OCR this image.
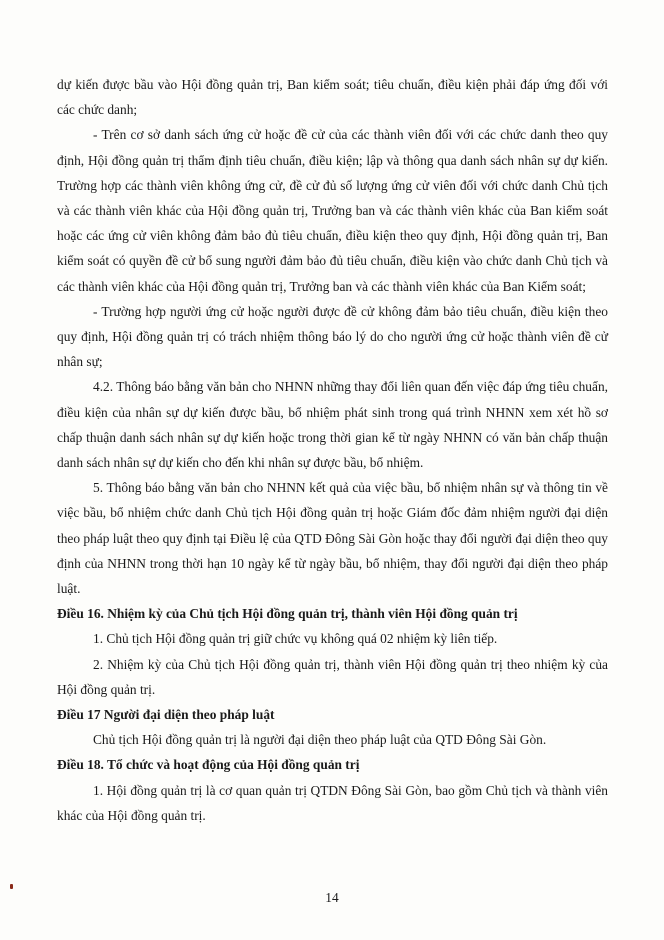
dự kiến được bầu vào Hội đồng quản trị, Ban kiểm soát; tiêu chuẩn, điều kiện phải đáp ứng đối với các chức danh;

- Trên cơ sở danh sách ứng cử hoặc đề cử của các thành viên đối với các chức danh theo quy định, Hội đồng quản trị thẩm định tiêu chuẩn, điều kiện; lập và thông qua danh sách nhân sự dự kiến. Trường hợp các thành viên không ứng cử, đề cử đủ số lượng ứng cử viên đối với chức danh Chủ tịch và các thành viên khác của Hội đồng quản trị, Trưởng ban và các thành viên khác của Ban kiểm soát hoặc các ứng cử viên không đảm bảo đủ tiêu chuẩn, điều kiện theo quy định, Hội đồng quản trị, Ban kiểm soát có quyền đề cử bổ sung người đảm bảo đủ tiêu chuẩn, điều kiện vào chức danh Chủ tịch và các thành viên khác của Hội đồng quản trị, Trưởng ban và các thành viên khác của Ban Kiểm soát;

- Trường hợp người ứng cử hoặc người được đề cử không đảm bảo tiêu chuẩn, điều kiện theo quy định, Hội đồng quản trị có trách nhiệm thông báo lý do cho người ứng cử hoặc thành viên đề cử nhân sự;

4.2. Thông báo bằng văn bản cho NHNN những thay đổi liên quan đến việc đáp ứng tiêu chuẩn, điều kiện của nhân sự dự kiến được bầu, bổ nhiệm phát sinh trong quá trình NHNN xem xét hồ sơ chấp thuận danh sách nhân sự dự kiến hoặc trong thời gian kể từ ngày NHNN có văn bản chấp thuận danh sách nhân sự dự kiến cho đến khi nhân sự được bầu, bổ nhiệm.

5. Thông báo bằng văn bản cho NHNN kết quả của việc bầu, bổ nhiệm nhân sự và thông tin về việc bầu, bổ nhiệm chức danh Chủ tịch Hội đồng quản trị hoặc Giám đốc đảm nhiệm người đại diện theo pháp luật theo quy định tại Điều lệ của QTD Đông Sài Gòn hoặc thay đổi người đại diện theo quy định của NHNN trong thời hạn 10 ngày kể từ ngày bầu, bổ nhiệm, thay đổi người đại diện theo pháp luật.

Điều 16. Nhiệm kỳ của Chủ tịch Hội đồng quản trị, thành viên Hội đồng quản trị

1. Chủ tịch Hội đồng quản trị giữ chức vụ không quá 02 nhiệm kỳ liên tiếp.

2. Nhiệm kỳ của Chủ tịch Hội đồng quản trị, thành viên Hội đồng quản trị theo nhiệm kỳ của Hội đồng quản trị.

Điều 17 Người đại diện theo pháp luật

Chủ tịch Hội đồng quản trị là người đại diện theo pháp luật của QTD Đông Sài Gòn.

Điều 18. Tổ chức và hoạt động của Hội đồng quản trị

1. Hội đồng quản trị là cơ quan quản trị QTDN Đông Sài Gòn, bao gồm Chủ tịch và thành viên khác của Hội đồng quản trị.

14
